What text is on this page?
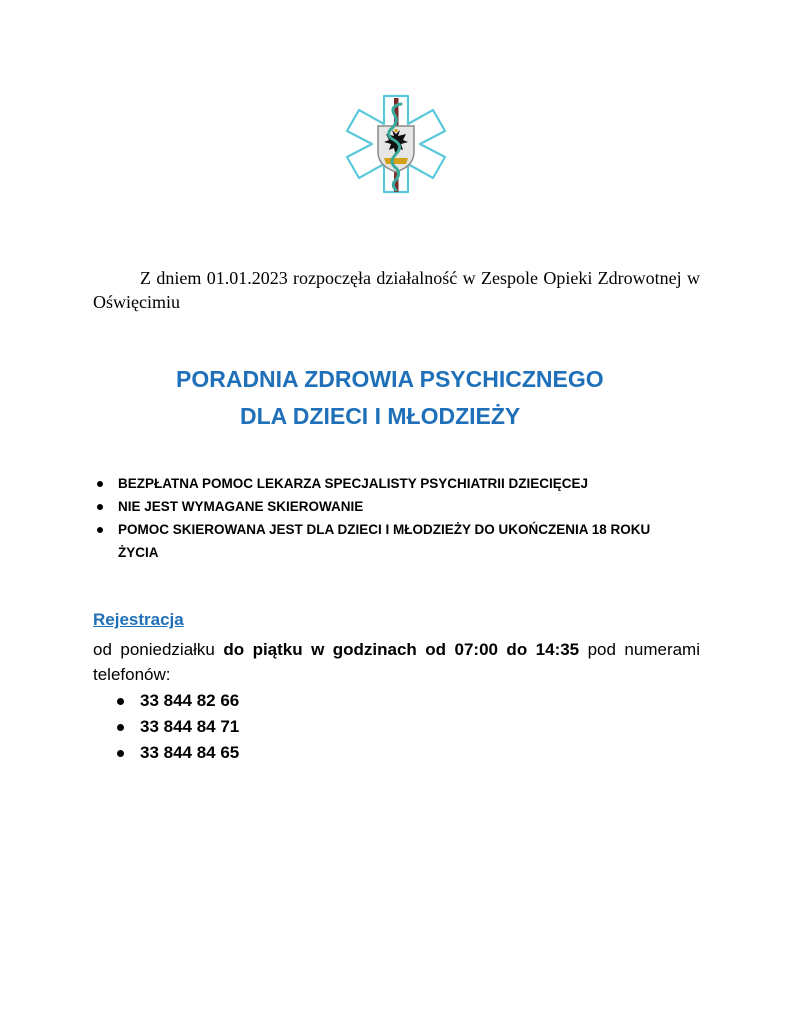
Z dniem 01.01.2023 rozpoczęła działalność w Zespole Opieki Zdrowotnej w Oświęcimiu
PORADNIA ZDROWIA PSYCHICZNEGO
DLA DZIECI I MŁODZIEŻY
BEZPŁATNA POMOC LEKARZA SPECJALISTY PSYCHIATRII DZIECIĘCEJ
NIE JEST WYMAGANE SKIEROWANIE
POMOC SKIEROWANA JEST DLA DZIECI I MŁODZIEŻY DO UKOŃCZENIA 18 ROKU ŻYCIA
Rejestracja
od poniedziałku do piątku w godzinach od 07:00 do 14:35 pod numerami telefonów:
33 844 82 66
33 844 84 71
33 844 84 65
